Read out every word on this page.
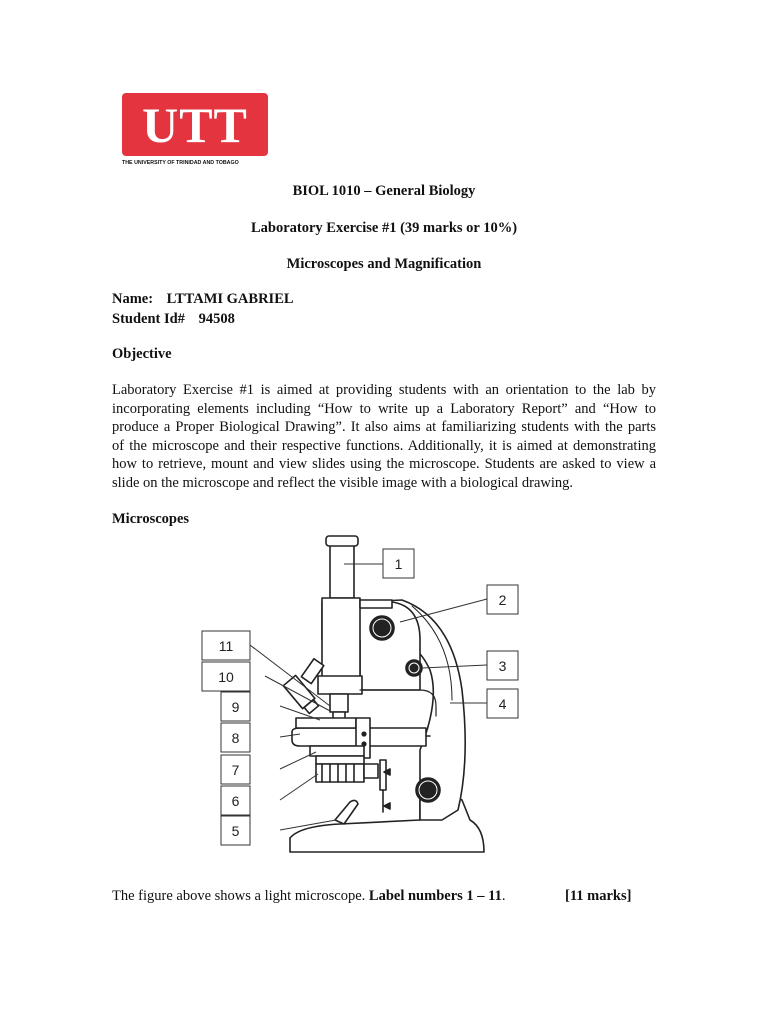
UTT
THE UNIVERSITY OF TRINIDAD AND TOBAGO
BIOL 1010 – General Biology
Laboratory Exercise #1 (39 marks or 10%)
Microscopes and Magnification
Name: LTTAMI GABRIEL
Student Id# 94508
Objective
Laboratory Exercise #1 is aimed at providing students with an orientation to the lab by
incorporating elements including “How to write up a Laboratory Report” and “How to
produce a Proper Biological Drawing”. It also aims at familiarizing students with the parts
of the microscope and their respective functions. Additionally, it is aimed at demonstrating
how to retrieve, mount and view slides using the microscope. Students are asked to view a
slide on the microscope and reflect the visible image with a biological drawing.
Microscopes
1
2
3
4
5
6
7
8
9
10
11
The figure above shows a light microscope. Label numbers 1 – 11.	[11 marks]
